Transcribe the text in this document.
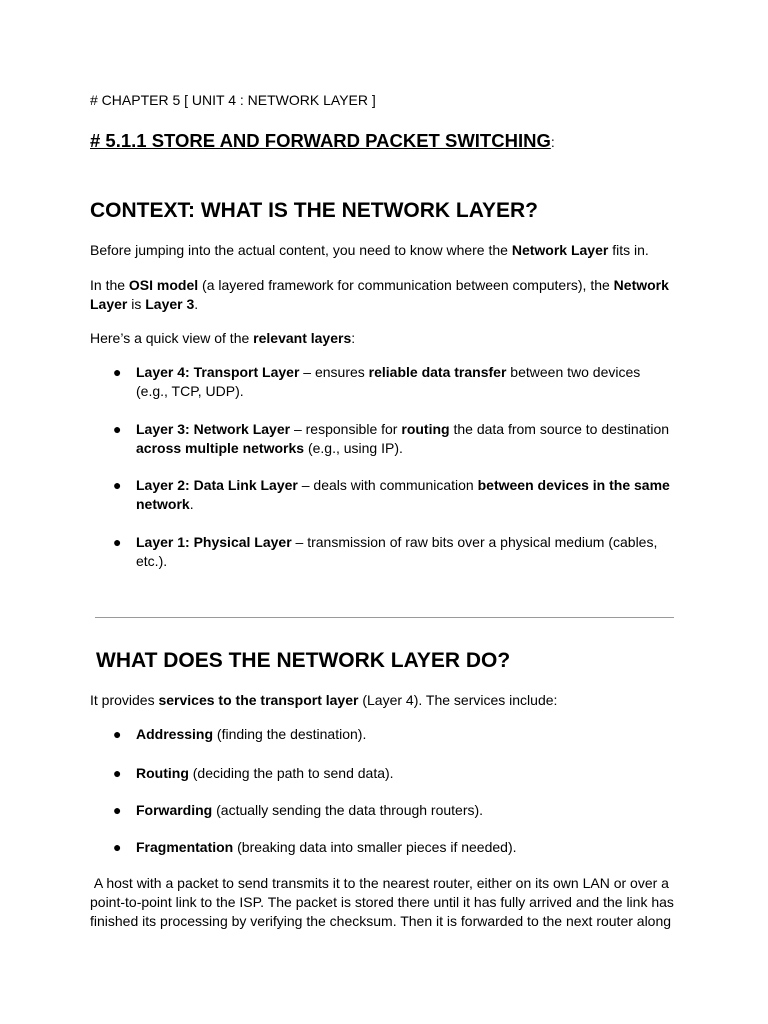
# CHAPTER 5 [ UNIT 4 : NETWORK LAYER ]
# 5.1.1 STORE AND FORWARD PACKET SWITCHING:
CONTEXT: WHAT IS THE NETWORK LAYER?
Before jumping into the actual content, you need to know where the Network Layer fits in.
In the OSI model (a layered framework for communication between computers), the Network Layer is Layer 3.
Here’s a quick view of the relevant layers:
● Layer 4: Transport Layer – ensures reliable data transfer between two devices (e.g., TCP, UDP).
● Layer 3: Network Layer – responsible for routing the data from source to destination across multiple networks (e.g., using IP).
● Layer 2: Data Link Layer – deals with communication between devices in the same network.
● Layer 1: Physical Layer – transmission of raw bits over a physical medium (cables, etc.).
WHAT DOES THE NETWORK LAYER DO?
It provides services to the transport layer (Layer 4). The services include:
● Addressing (finding the destination).
● Routing (deciding the path to send data).
● Forwarding (actually sending the data through routers).
● Fragmentation (breaking data into smaller pieces if needed).
A host with a packet to send transmits it to the nearest router, either on its own LAN or over a point-to-point link to the ISP. The packet is stored there until it has fully arrived and the link has finished its processing by verifying the checksum. Then it is forwarded to the next router along
